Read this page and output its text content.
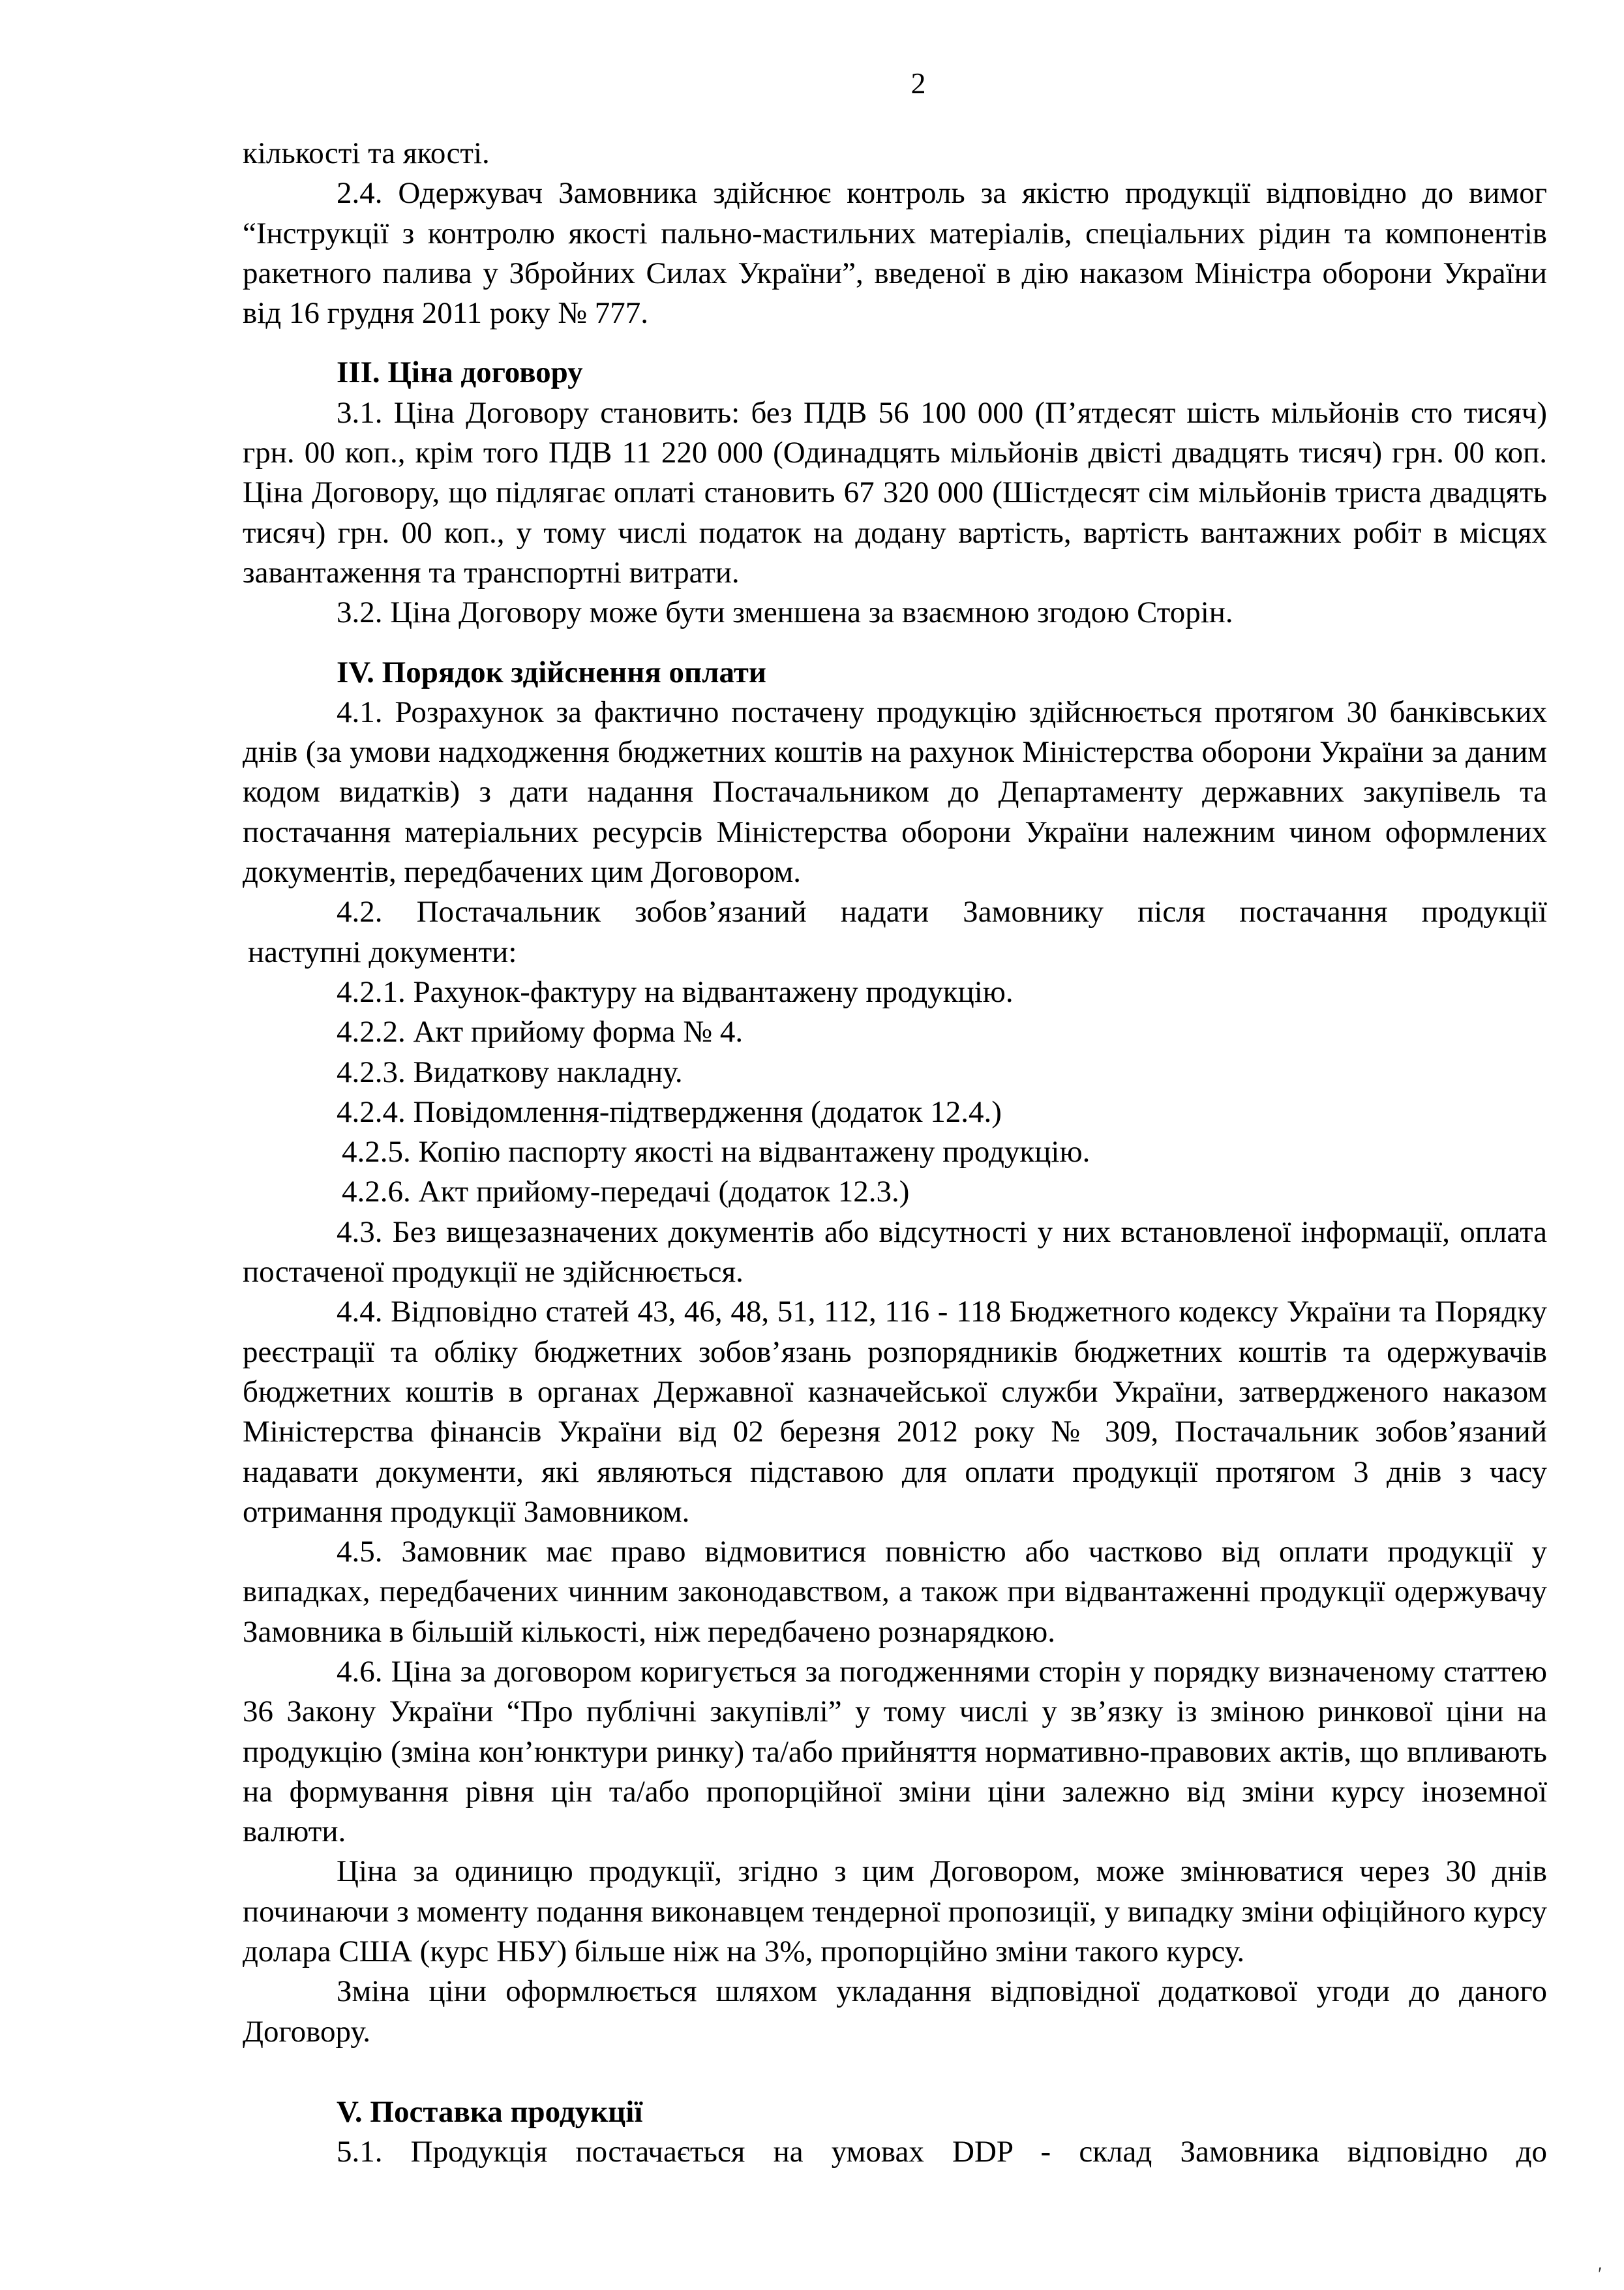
2

кількості та якості.

2.4. Одержувач Замовника здійснює контроль за якістю продукції відповідно до вимог “Інструкції з контролю якості пально-мастильних матеріалів, спеціальних рідин та компонентів ракетного палива у Збройних Силах України”, введеної в дію наказом Міністра оборони України від 16 грудня 2011 року № 777.

ІІІ. Ціна договору

3.1. Ціна Договору становить: без ПДВ 56 100 000 (П’ятдесят шість мільйонів сто тисяч) грн. 00 коп., крім того ПДВ 11 220 000 (Одинадцять мільйонів двісті двадцять тисяч) грн. 00 коп. Ціна Договору, що підлягає оплаті становить 67 320 000 (Шістдесят сім мільйонів триста двадцять тисяч) грн. 00 коп., у тому числі податок на додану вартість, вартість вантажних робіт в місцях завантаження та транспортні витрати.

3.2. Ціна Договору може бути зменшена за взаємною згодою Сторін.

IV. Порядок здійснення оплати

4.1. Розрахунок за фактично постачену продукцію здійснюється протягом 30 банківських днів (за умови надходження бюджетних коштів на рахунок Міністерства оборони України за даним кодом видатків) з дати надання Постачальником до Департаменту державних закупівель та постачання матеріальних ресурсів Міністерства оборони України належним чином оформлених документів, передбачених цим Договором.

4.2. Постачальник зобов’язаний надати Замовнику після постачання продукції

наступні документи:

4.2.1. Рахунок-фактуру на відвантажену продукцію.

4.2.2. Акт прийому форма № 4.

4.2.3. Видаткову накладну.

4.2.4. Повідомлення-підтвердження (додаток 12.4.)

4.2.5. Копію паспорту якості на відвантажену продукцію.

4.2.6. Акт прийому-передачі (додаток 12.3.)

4.3. Без вищезазначених документів або відсутності у них встановленої інформації, оплата постаченої продукції не здійснюється.

4.4. Відповідно статей 43, 46, 48, 51, 112, 116 - 118 Бюджетного кодексу України та Порядку реєстрації та обліку бюджетних зобов’язань розпорядників бюджетних коштів та одержувачів бюджетних коштів в органах Державної казначейської служби України, затвердженого наказом Міністерства фінансів України від 02 березня 2012 року № 309, Постачальник зобов’язаний надавати документи, які являються підставою для оплати продукції протягом 3 днів з часу отримання продукції Замовником.

4.5. Замовник має право відмовитися повністю або частково від оплати продукції у випадках, передбачених чинним законодавством, а також при відвантаженні продукції одержувачу Замовника в більшій кількості, ніж передбачено рознарядкою.

4.6. Ціна за договором коригується за погодженнями сторін у порядку визначеному статтею 36 Закону України “Про публічні закупівлі” у тому числі у зв’язку із зміною ринкової ціни на продукцію (зміна кон’юнктури ринку) та/або прийняття нормативно-правових актів, що впливають на формування рівня цін та/або пропорційної зміни ціни залежно від зміни курсу іноземної валюти.

Ціна за одиницю продукції, згідно з цим Договором, може змінюватися через 30 днів починаючи з моменту подання виконавцем тендерної пропозиції, у випадку зміни офіційного курсу долара США (курс НБУ) більше ніж на 3%, пропорційно зміни такого курсу.

Зміна ціни оформлюється шляхом укладання відповідної додаткової угоди до даного Договору.

V. Поставка продукції

5.1. Продукція постачається на умовах DDP - склад Замовника відповідно до

ʹ
